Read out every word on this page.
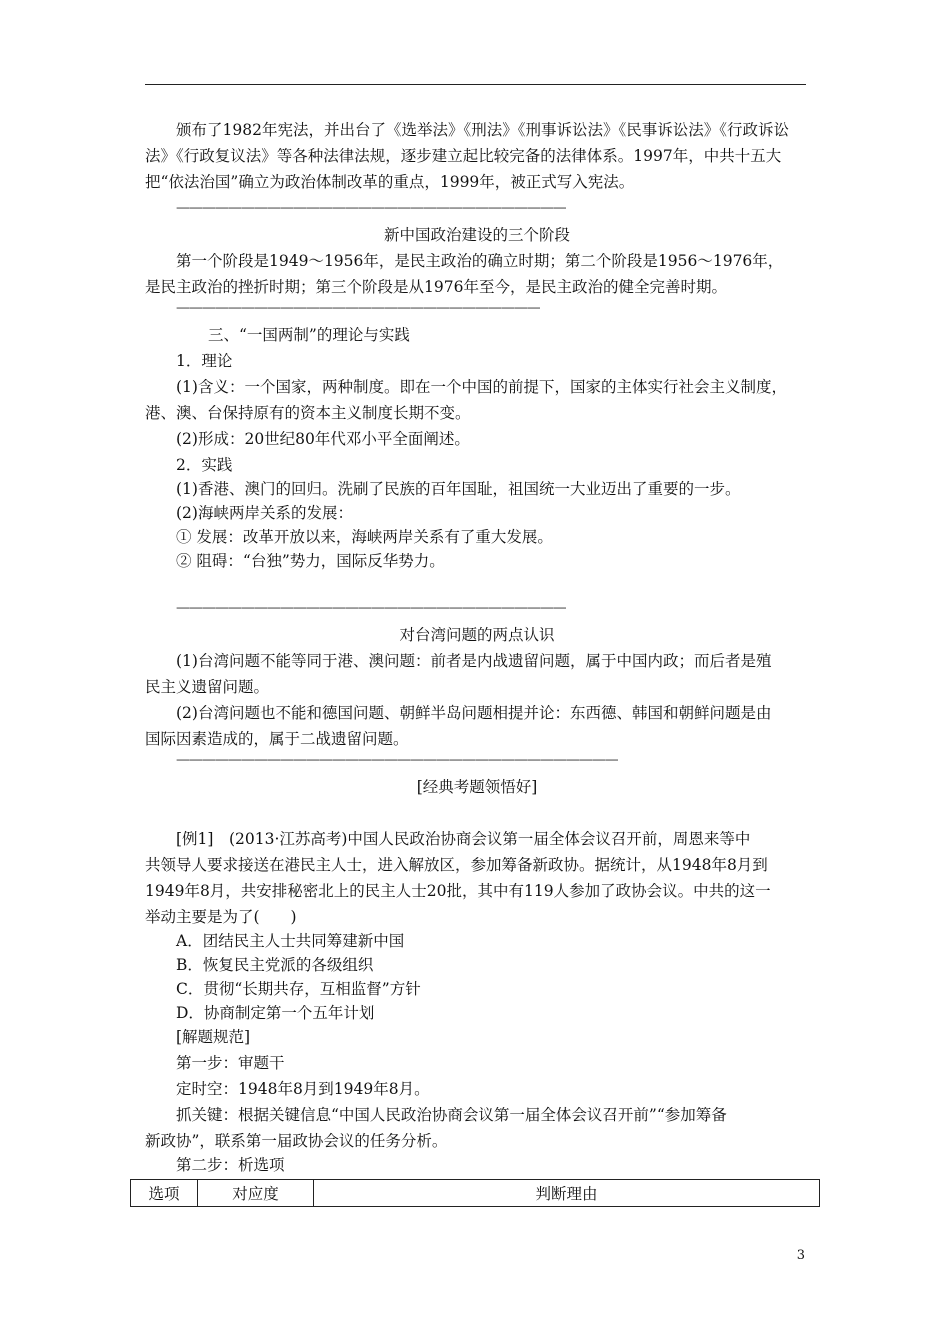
颁布了1982年宪法，并出台了《选举法》《刑法》《刑事诉讼法》《民事诉讼法》《行政诉讼

法》《行政复议法》等各种法律法规，逐步建立起比较完备的法律体系。1997年，中共十五大

把“依法治国”确立为政治体制改革的重点，1999年，被正式写入宪法。

——————————————————————————————
新中国政治建设的三个阶段

第一个阶段是1949～1956年，是民主政治的确立时期；第二个阶段是1956～1976年，

是民主政治的挫折时期；第三个阶段是从1976年至今，是民主政治的健全完善时期。

————————————————————————————

三、“一国两制”的理论与实践

1．理论

(1)含义：一个国家，两种制度。即在一个中国的前提下，国家的主体实行社会主义制度，

港、澳、台保持原有的资本主义制度长期不变。

(2)形成：20世纪80年代邓小平全面阐述。

2．实践

(1)香港、澳门的回归。洗刷了民族的百年国耻，祖国统一大业迈出了重要的一步。

(2)海峡两岸关系的发展：

① 发展：改革开放以来，海峡两岸关系有了重大发展。

② 阻碍：“台独”势力，国际反华势力。

——————————————————————————————
对台湾问题的两点认识

(1)台湾问题不能等同于港、澳问题：前者是内战遗留问题，属于中国内政；而后者是殖

民主义遗留问题。

(2)台湾问题也不能和德国问题、朝鲜半岛问题相提并论：东西德、韩国和朝鲜问题是由

国际因素造成的，属于二战遗留问题。

——————————————————————————————————
[经典考题领悟好]

[例1]　(2013·江苏高考)中国人民政治协商会议第一届全体会议召开前，周恩来等中

共领导人要求接送在港民主人士，进入解放区，参加筹备新政协。据统计，从1948年8月到

1949年8月，共安排秘密北上的民主人士20批，其中有119人参加了政协会议。中共的这一

举动主要是为了(　　)

A．团结民主人士共同筹建新中国

B．恢复民主党派的各级组织

C．贯彻“长期共存，互相监督”方针

D．协商制定第一个五年计划

[解题规范]

第一步：审题干

定时空：1948年8月到1949年8月。

抓关键：根据关键信息“中国人民政治协商会议第一届全体会议召开前”“参加筹备

新政协”，联系第一届政协会议的任务分析。

第二步：析选项

选项	对应度	判断理由
3
